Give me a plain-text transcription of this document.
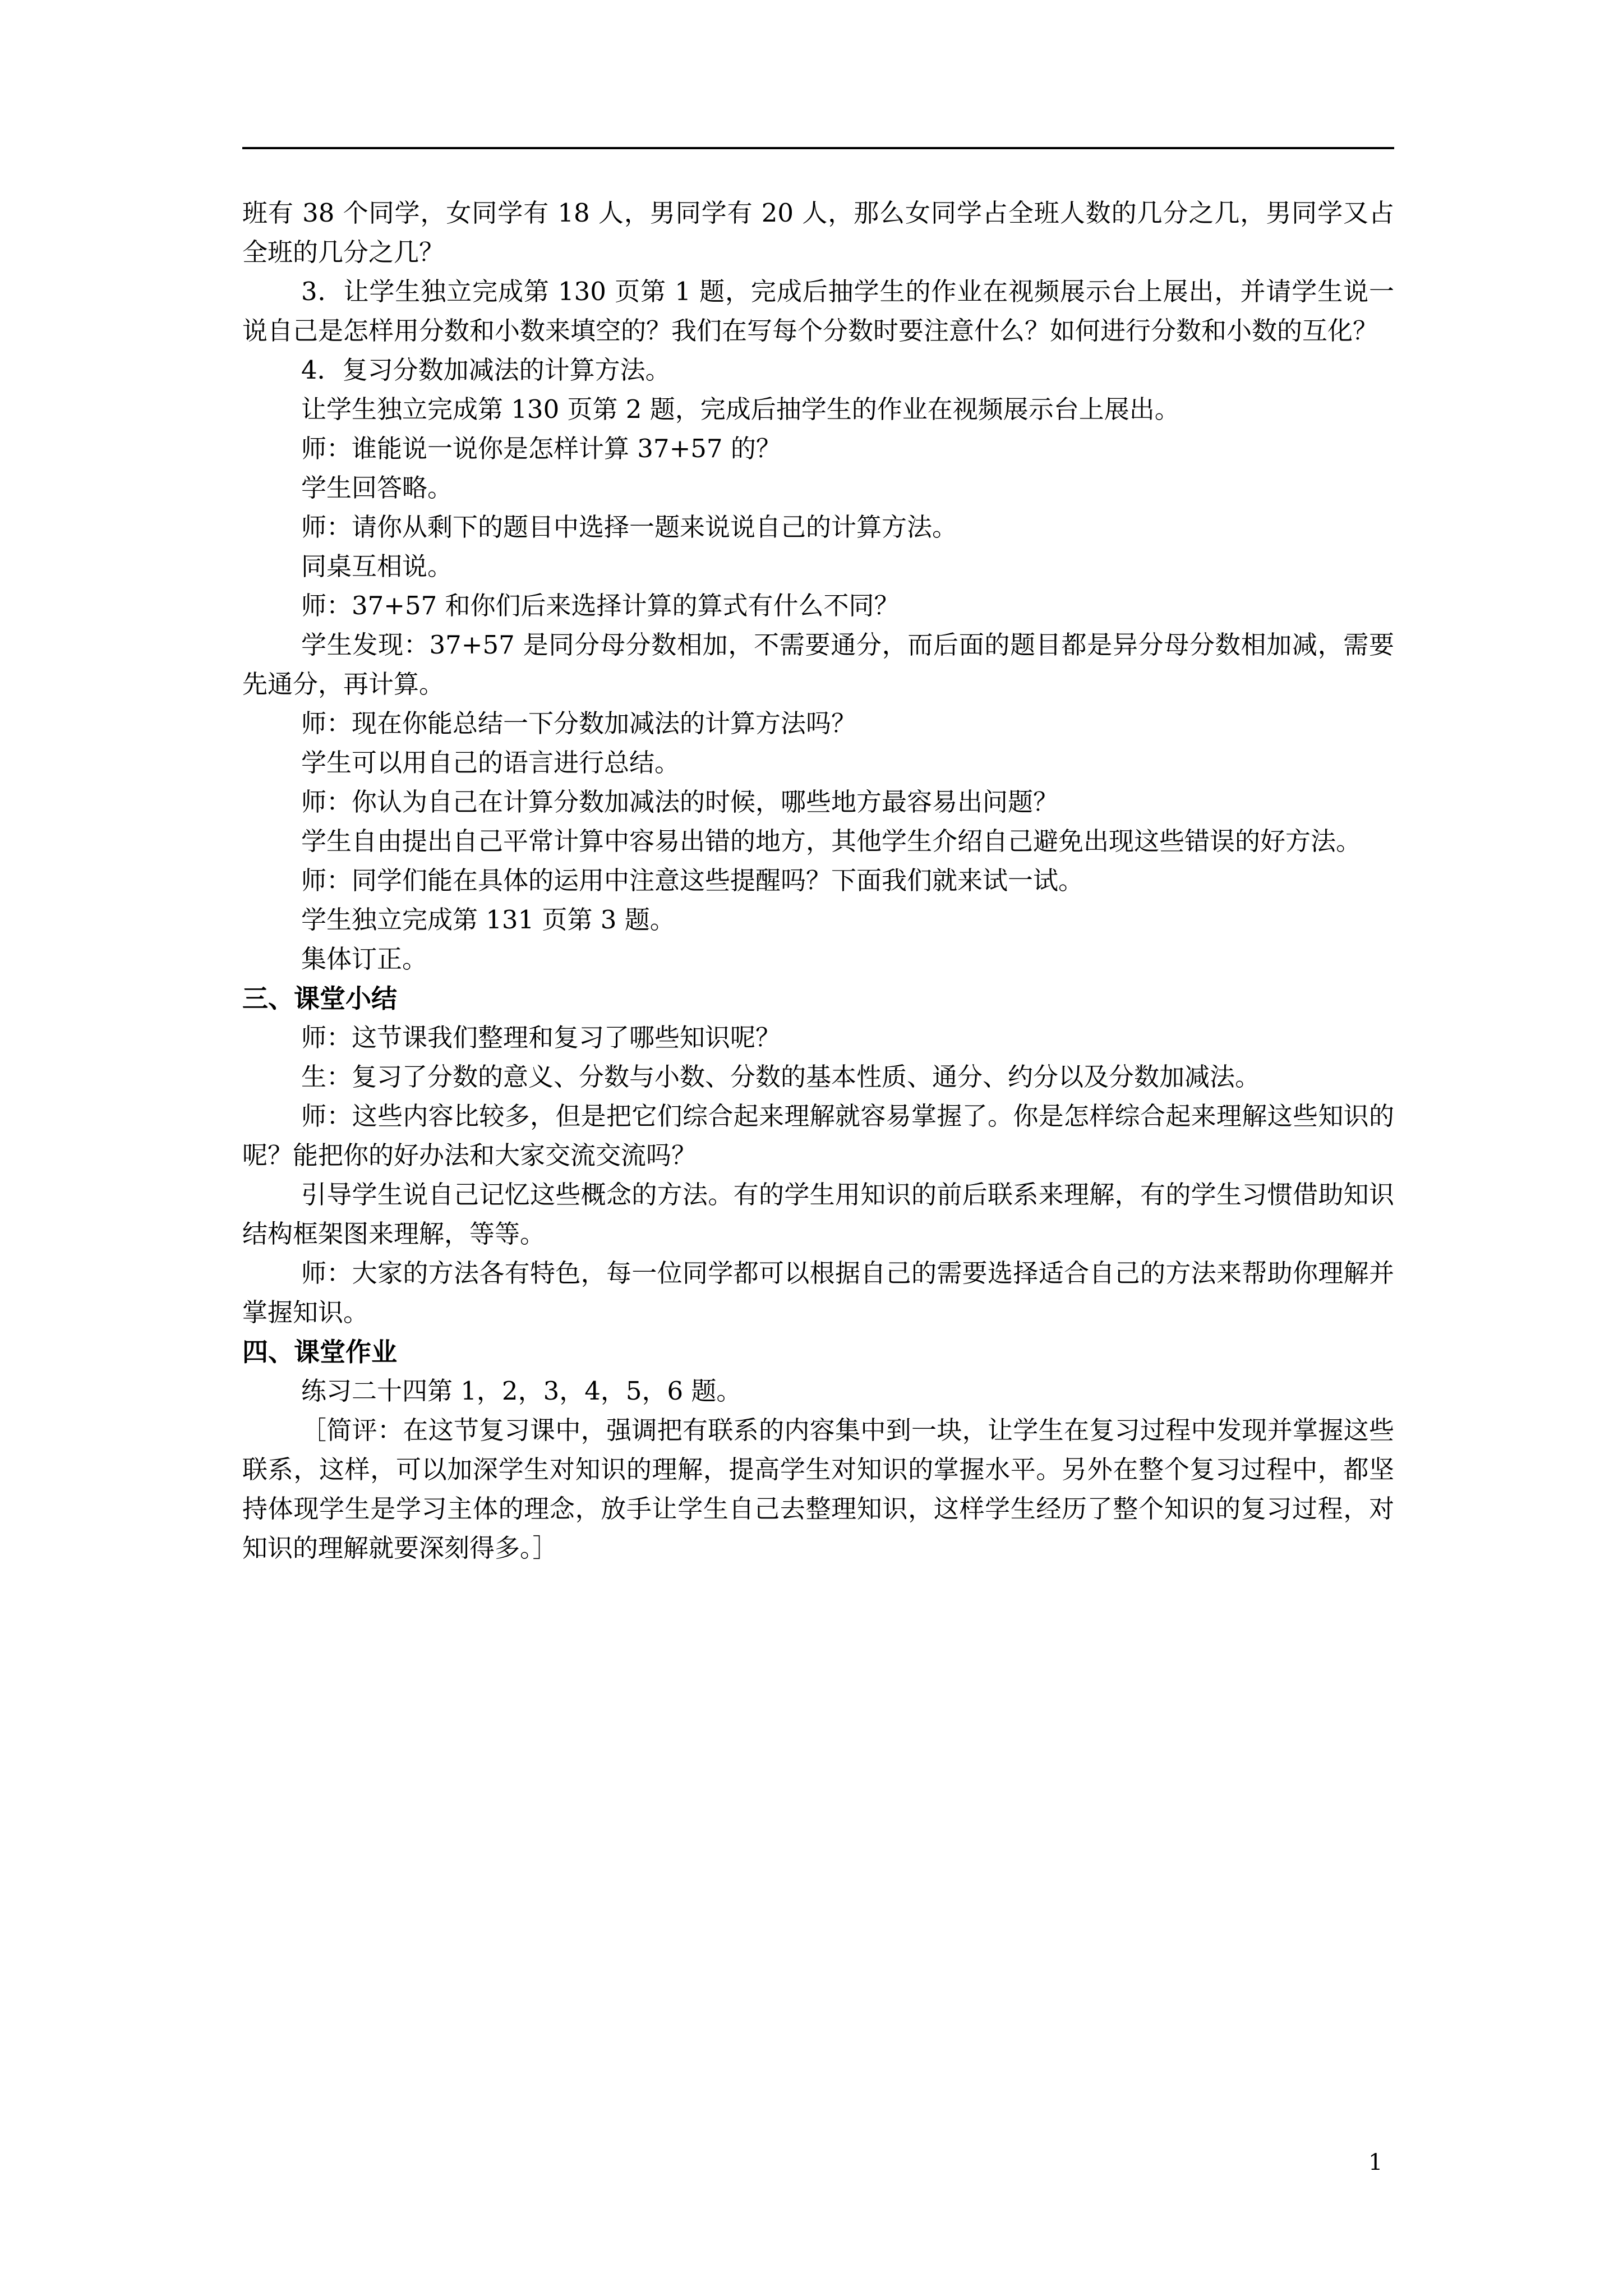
班有 38 个同学，女同学有 18 人，男同学有 20 人，那么女同学占全班人数的几分之几，男同学又占全班的几分之几？

3．让学生独立完成第 130 页第 1 题，完成后抽学生的作业在视频展示台上展出，并请学生说一说自己是怎样用分数和小数来填空的？我们在写每个分数时要注意什么？如何进行分数和小数的互化？

4．复习分数加减法的计算方法。

让学生独立完成第 130 页第 2 题，完成后抽学生的作业在视频展示台上展出。

师：谁能说一说你是怎样计算 37+57 的？

学生回答略。

师：请你从剩下的题目中选择一题来说说自己的计算方法。

同桌互相说。

师：37+57 和你们后来选择计算的算式有什么不同？

学生发现：37+57 是同分母分数相加，不需要通分，而后面的题目都是异分母分数相加减，需要先通分，再计算。

师：现在你能总结一下分数加减法的计算方法吗？

学生可以用自己的语言进行总结。

师：你认为自己在计算分数加减法的时候，哪些地方最容易出问题？

学生自由提出自己平常计算中容易出错的地方，其他学生介绍自己避免出现这些错误的好方法。

师：同学们能在具体的运用中注意这些提醒吗？下面我们就来试一试。

学生独立完成第 131 页第 3 题。

集体订正。

三、课堂小结

师：这节课我们整理和复习了哪些知识呢？

生：复习了分数的意义、分数与小数、分数的基本性质、通分、约分以及分数加减法。

师：这些内容比较多，但是把它们综合起来理解就容易掌握了。你是怎样综合起来理解这些知识的呢？能把你的好办法和大家交流交流吗？

引导学生说自己记忆这些概念的方法。有的学生用知识的前后联系来理解，有的学生习惯借助知识结构框架图来理解，等等。

师：大家的方法各有特色，每一位同学都可以根据自己的需要选择适合自己的方法来帮助你理解并掌握知识。

四、课堂作业

练习二十四第 1，2，3，4，5，6 题。

［简评：在这节复习课中，强调把有联系的内容集中到一块，让学生在复习过程中发现并掌握这些联系，这样，可以加深学生对知识的理解，提高学生对知识的掌握水平。另外在整个复习过程中，都坚持体现学生是学习主体的理念，放手让学生自己去整理知识，这样学生经历了整个知识的复习过程，对知识的理解就要深刻得多。］

1
